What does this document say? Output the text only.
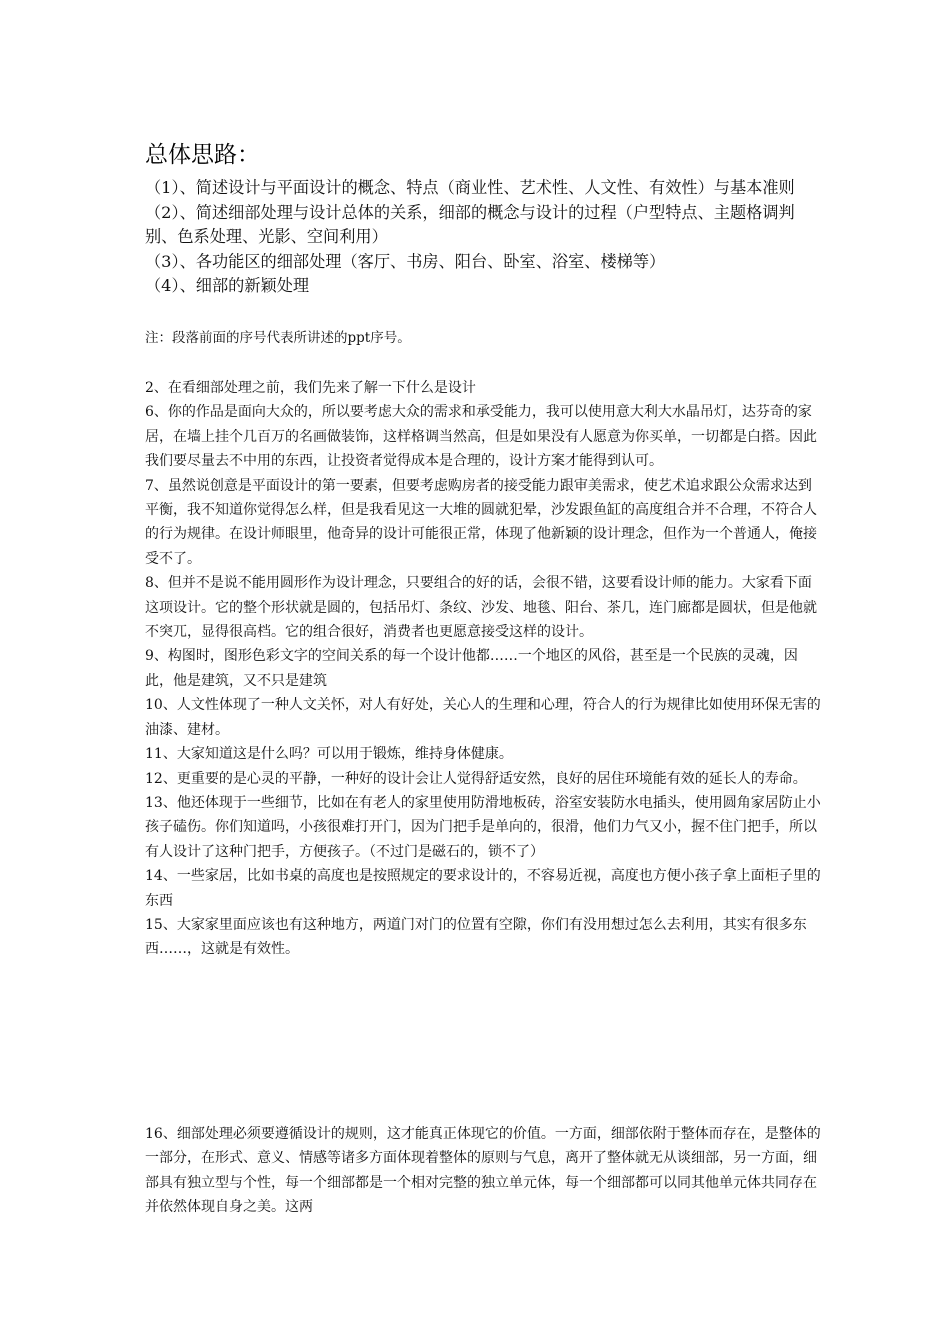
总体思路：

（1）、简述设计与平面设计的概念、特点（商业性、艺术性、人文性、有效性）与基本准则

（2）、简述细部处理与设计总体的关系，细部的概念与设计的过程（户型特点、主题格调判别、色系处理、光影、空间利用）

（3）、各功能区的细部处理（客厅、书房、阳台、卧室、浴室、楼梯等）

（4）、细部的新颖处理

注：段落前面的序号代表所讲述的ppt序号。

2、在看细部处理之前，我们先来了解一下什么是设计

6、你的作品是面向大众的，所以要考虑大众的需求和承受能力，我可以使用意大利大水晶吊灯，达芬奇的家居，在墙上挂个几百万的名画做装饰，这样格调当然高，但是如果没有人愿意为你买单，一切都是白搭。因此我们要尽量去不中用的东西，让投资者觉得成本是合理的，设计方案才能得到认可。

7、虽然说创意是平面设计的第一要素，但要考虑购房者的接受能力跟审美需求，使艺术追求跟公众需求达到平衡，我不知道你觉得怎么样，但是我看见这一大堆的圆就犯晕，沙发跟鱼缸的高度组合并不合理，不符合人的行为规律。在设计师眼里，他奇异的设计可能很正常，体现了他新颖的设计理念，但作为一个普通人，俺接受不了。

8、但并不是说不能用圆形作为设计理念，只要组合的好的话，会很不错，这要看设计师的能力。大家看下面这项设计。它的整个形状就是圆的，包括吊灯、条纹、沙发、地毯、阳台、茶几，连门廊都是圆状，但是他就不突兀，显得很高档。它的组合很好，消费者也更愿意接受这样的设计。

9、构图时，图形色彩文字的空间关系的每一个设计他都……一个地区的风俗，甚至是一个民族的灵魂，因此，他是建筑，又不只是建筑

10、人文性体现了一种人文关怀，对人有好处，关心人的生理和心理，符合人的行为规律比如使用环保无害的油漆、建材。

11、大家知道这是什么吗？可以用于锻炼，维持身体健康。

12、更重要的是心灵的平静，一种好的设计会让人觉得舒适安然，良好的居住环境能有效的延长人的寿命。

13、他还体现于一些细节，比如在有老人的家里使用防滑地板砖，浴室安装防水电插头，使用圆角家居防止小孩子磕伤。你们知道吗，小孩很难打开门，因为门把手是单向的，很滑，他们力气又小，握不住门把手，所以有人设计了这种门把手，方便孩子。（不过门是磁石的，锁不了）

14、一些家居，比如书桌的高度也是按照规定的要求设计的，不容易近视，高度也方便小孩子拿上面柜子里的东西

15、大家家里面应该也有这种地方，两道门对门的位置有空隙，你们有没用想过怎么去利用，其实有很多东西……，这就是有效性。

16、细部处理必须要遵循设计的规则，这才能真正体现它的价值。一方面，细部依附于整体而存在，是整体的一部分，在形式、意义、情感等诸多方面体现着整体的原则与气息，离开了整体就无从谈细部，另一方面，细部具有独立型与个性，每一个细部都是一个相对完整的独立单元体，每一个细部都可以同其他单元体共同存在并依然体现自身之美。这两
